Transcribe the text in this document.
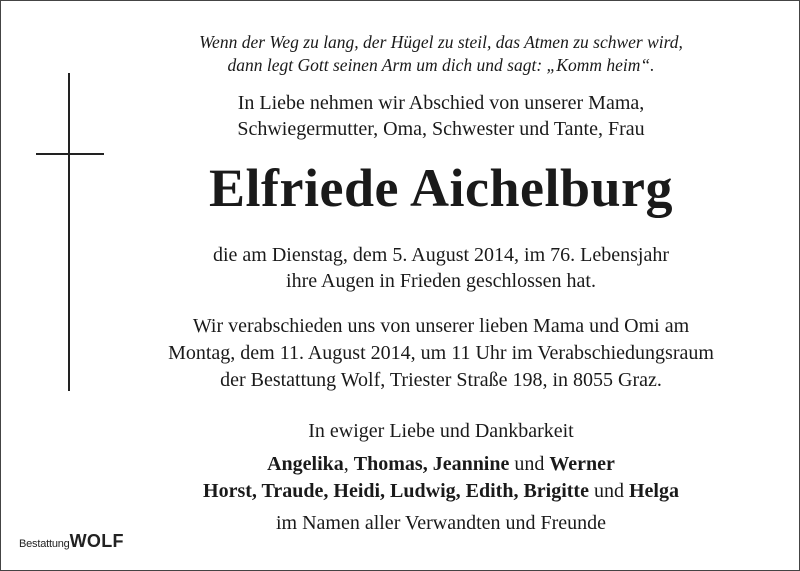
Wenn der Weg zu lang, der Hügel zu steil, das Atmen zu schwer wird,
dann legt Gott seinen Arm um dich und sagt: „Komm heim“.
In Liebe nehmen wir Abschied von unserer Mama,
Schwiegermutter, Oma, Schwester und Tante, Frau
Elfriede Aichelburg
die am Dienstag, dem 5. August 2014, im 76. Lebensjahr
ihre Augen in Frieden geschlossen hat.
Wir verabschieden uns von unserer lieben Mama und Omi am
Montag, dem 11. August 2014, um 11 Uhr im Verabschiedungsraum
der Bestattung Wolf, Triester Straße 198, in 8055 Graz.
In ewiger Liebe und Dankbarkeit
Angelika, Thomas, Jeannine und Werner
Horst, Traude, Heidi, Ludwig, Edith, Brigitte und Helga
im Namen aller Verwandten und Freunde
BestattungWOLF
